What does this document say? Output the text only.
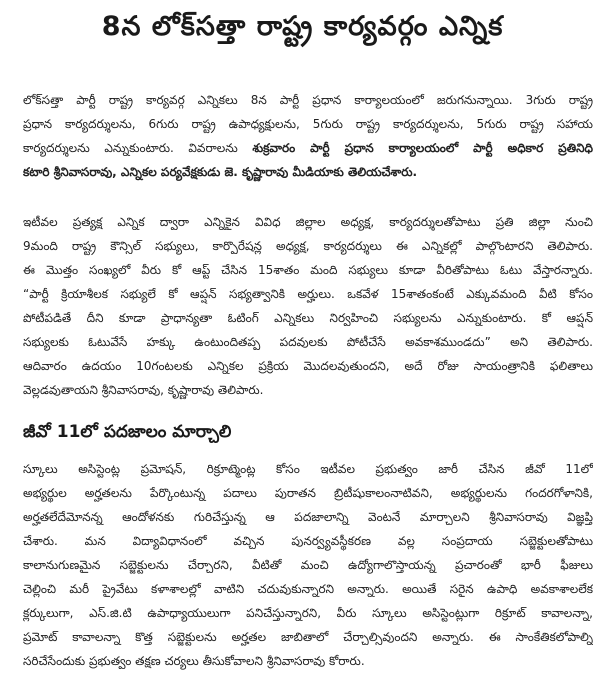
8న లోక్‌సత్తా రాష్ట్ర కార్యవర్గం ఎన్నిక
లోక్‌సత్తా పార్టీ రాష్ట్ర కార్యవర్గ ఎన్నికలు 8న పార్టీ ప్రధాన కార్యాలయంలో జరుగనున్నాయి. 3గురు రాష్ట్ర
ప్రధాన కార్యదర్శులను, 6గురు రాష్ట్ర ఉపాధ్యక్షులను, 5గురు రాష్ట్ర కార్యదర్శులను, 5గురు రాష్ట్ర సహాయ
కార్యదర్శులను ఎన్నుకుంటారు. వివరాలను శుక్రవారం పార్టీ ప్రధాన కార్యాలయంలో పార్టీ అధికార ప్రతినిధి
కటారి శ్రీనివాసరావు, ఎన్నికల పర్యవేక్షకుడు జె. కృష్ణారావు మీడియాకు తెలియచేశారు.
ఇటీవల ప్రత్యక్ష ఎన్నిక ద్వారా ఎన్నికైన వివిధ జిల్లాల అధ్యక్ష, కార్యదర్శులతోపాటు ప్రతి జిల్లా నుంచి
9మంది రాష్ట్ర కౌన్సిల్ సభ్యులు, కార్పొరేషన్ల అధ్యక్ష, కార్యదర్శులు ఈ ఎన్నికల్లో పాల్గొంటారని తెలిపారు.
ఈ మొత్తం సంఖ్యలో వీరు కో ఆప్ట్ చేసిన 15శాతం మంది సభ్యులు కూడా వీరితోపాటు ఓటు వేస్తారన్నారు.
“పార్టీ క్రియాశీలక సభ్యులే కో ఆప్షన్ సభ్యత్వానికి అర్హులు. ఒకవేళ 15శాతంకంటే ఎక్కువమంది వీటి కోసం
పోటీపడితే దీని కూడా ప్రాధాన్యతా ఓటింగ్ ఎన్నికలు నిర్వహించి సభ్యులను ఎన్నుకుంటారు. కో ఆప్షన్
సభ్యులకు ఓటువేసే హక్కు ఉంటుందితప్ప పదవులకు పోటీచేసే అవకాశముండదు” అని తెలిపారు.
ఆదివారం ఉదయం 10గంటలకు ఎన్నికల ప్రక్రియ మొదలవుతుందని, అదే రోజు సాయంత్రానికి ఫలితాలు
వెల్లడవుతాయని శ్రీనివాసరావు, కృష్ణారావు తెలిపారు.
జీవో 11లో పదజాలం మార్చాలి
స్కూలు అసిస్టెంట్ల ప్రమోషన్, రిక్రూట్మెంట్ల కోసం ఇటీవల ప్రభుత్వం జారీ చేసిన జీవో 11లో
అభ్యర్థుల అర్హతలను పేర్కొంటున్న పదాలు పురాతన బ్రిటీషుకాలంనాటివని, అభ్యర్థులను గందరగోళానికి,
అర్హతలేదేమోనన్న ఆందోళనకు గురిచేస్తున్న ఆ పదజాలాన్ని వెంటనే మార్చాలని శ్రీనివాసరావు విజ్ఞప్తి
చేశారు. మన విద్యావిధానంలో వచ్చిన పునర్వ్యవస్థీకరణ వల్ల సంప్రదాయ సబ్జెక్టులతోపాటు
కాలానుగుణమైన సబ్జెక్టులను చేర్చారని, వీటితో మంచి ఉద్యోగాలొస్తాయన్న ప్రచారంతో భారీ ఫీజులు
చెల్లించి మరీ ప్రైవేటు కళాశాలల్లో వాటిని చదువుకున్నారని అన్నారు. అయితే సరైన ఉపాధి అవకాశాలలేక
క్లర్కులుగా, ఎస్.జి.టి ఉపాధ్యాయులుగా పనిచేస్తున్నారని, వీరు స్కూలు అసిస్టెంట్లుగా రిక్రూట్ కావాలన్నా,
ప్రమోట్ కావాలన్నా కొత్త సబ్జెక్టులను అర్హతల జాబితాలో చేర్చాల్సివుందని అన్నారు. ఈ సాంకేతికలోపాల్ని
సరిచేసేందుకు ప్రభుత్వం తక్షణ చర్యలు తీసుకోవాలని శ్రీనివాసరావు కోరారు.
